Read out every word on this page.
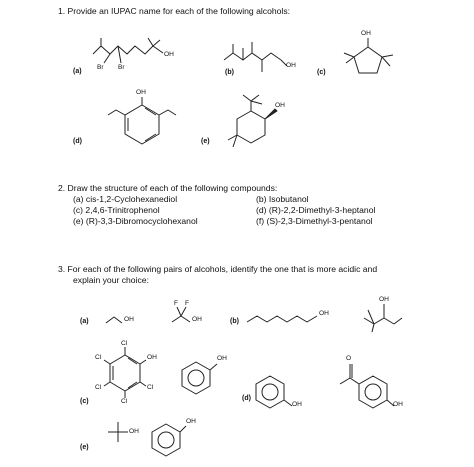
1. Provide an IUPAC name for each of the following alcohols:
OH
Br Br
(a)
OH
(b)
OH
(c)
OH
(d)
OH
(e)
2. Draw the structure of each of the following compounds:
(a) cis-1,2-Cyclohexanediol
(c) 2,4,6-Trinitrophenol
(e) (R)-3,3-Dibromocyclohexanol
(b) Isobutanol
(d) (R)-2,2-Dimethyl-3-heptanol
(f) (S)-2,3-Dimethyl-3-pentanol
3. For each of the following pairs of alcohols, identify the one that is more acidic and
explain your choice:
(a)	OH
F F
OH	(b)
OH
OH
Cl
OH
Cl
Cl
Cl
Cl
(c)
OH
(d)
OH
O
OH
(e)
OH
OH
